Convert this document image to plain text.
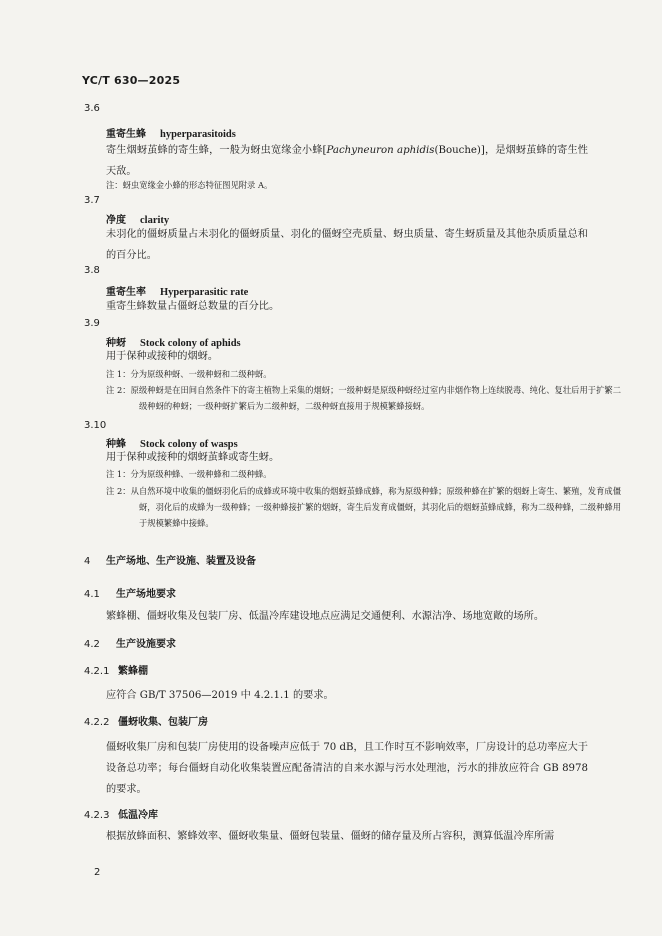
YC/T 630—2025
3.6
重寄生蜂 hyperparasitoids
寄生烟蚜茧蜂的寄生蜂，一般为蚜虫宽缘金小蜂[Pachyneuron aphidis(Bouche)]，是烟蚜茧蜂的寄生性天敌。
注：蚜虫宽缘金小蜂的形态特征图见附录 A。
3.7
净度 clarity
未羽化的僵蚜质量占未羽化的僵蚜质量、羽化的僵蚜空壳质量、蚜虫质量、寄生蚜质量及其他杂质质量总和的百分比。
3.8
重寄生率 Hyperparasitic rate
重寄生蜂数量占僵蚜总数量的百分比。
3.9
种蚜 Stock colony of aphids
用于保种或接种的烟蚜。
注 1：分为原级种蚜、一级种蚜和二级种蚜。
注 2：原级种蚜是在田间自然条件下的寄主植物上采集的烟蚜；一级种蚜是原级种蚜经过室内非烟作物上连续脱毒、纯化、复壮后用于扩繁二级种蚜的种蚜；一级种蚜扩繁后为二级种蚜，二级种蚜直接用于规模繁蜂接蚜。
3.10
种蜂 Stock colony of wasps
用于保种或接种的烟蚜茧蜂或寄生蚜。
注 1：分为原级种蜂、一级种蜂和二级种蜂。
注 2：从自然环境中收集的僵蚜羽化后的成蜂或环境中收集的烟蚜茧蜂成蜂，称为原级种蜂；原级种蜂在扩繁的烟蚜上寄生、繁殖，发育成僵蚜，羽化后的成蜂为一级种蜂；一级种蜂接扩繁的烟蚜，寄生后发育成僵蚜，其羽化后的烟蚜茧蜂成蜂，称为二级种蜂，二级种蜂用于规模繁蜂中接蜂。
4 生产场地、生产设施、装置及设备
4.1 生产场地要求
繁蜂棚、僵蚜收集及包装厂房、低温冷库建设地点应满足交通便利、水源洁净、场地宽敞的场所。
4.2 生产设施要求
4.2.1 繁蜂棚
应符合 GB/T 37506—2019 中 4.2.1.1 的要求。
4.2.2 僵蚜收集、包装厂房
僵蚜收集厂房和包装厂房使用的设备噪声应低于 70 dB，且工作时互不影响效率，厂房设计的总功率应大于设备总功率；每台僵蚜自动化收集装置应配备清洁的自来水源与污水处理池，污水的排放应符合 GB 8978 的要求。
4.2.3 低温冷库
根据放蜂面积、繁蜂效率、僵蚜收集量、僵蚜包装量、僵蚜的储存量及所占容积，测算低温冷库所需
2
